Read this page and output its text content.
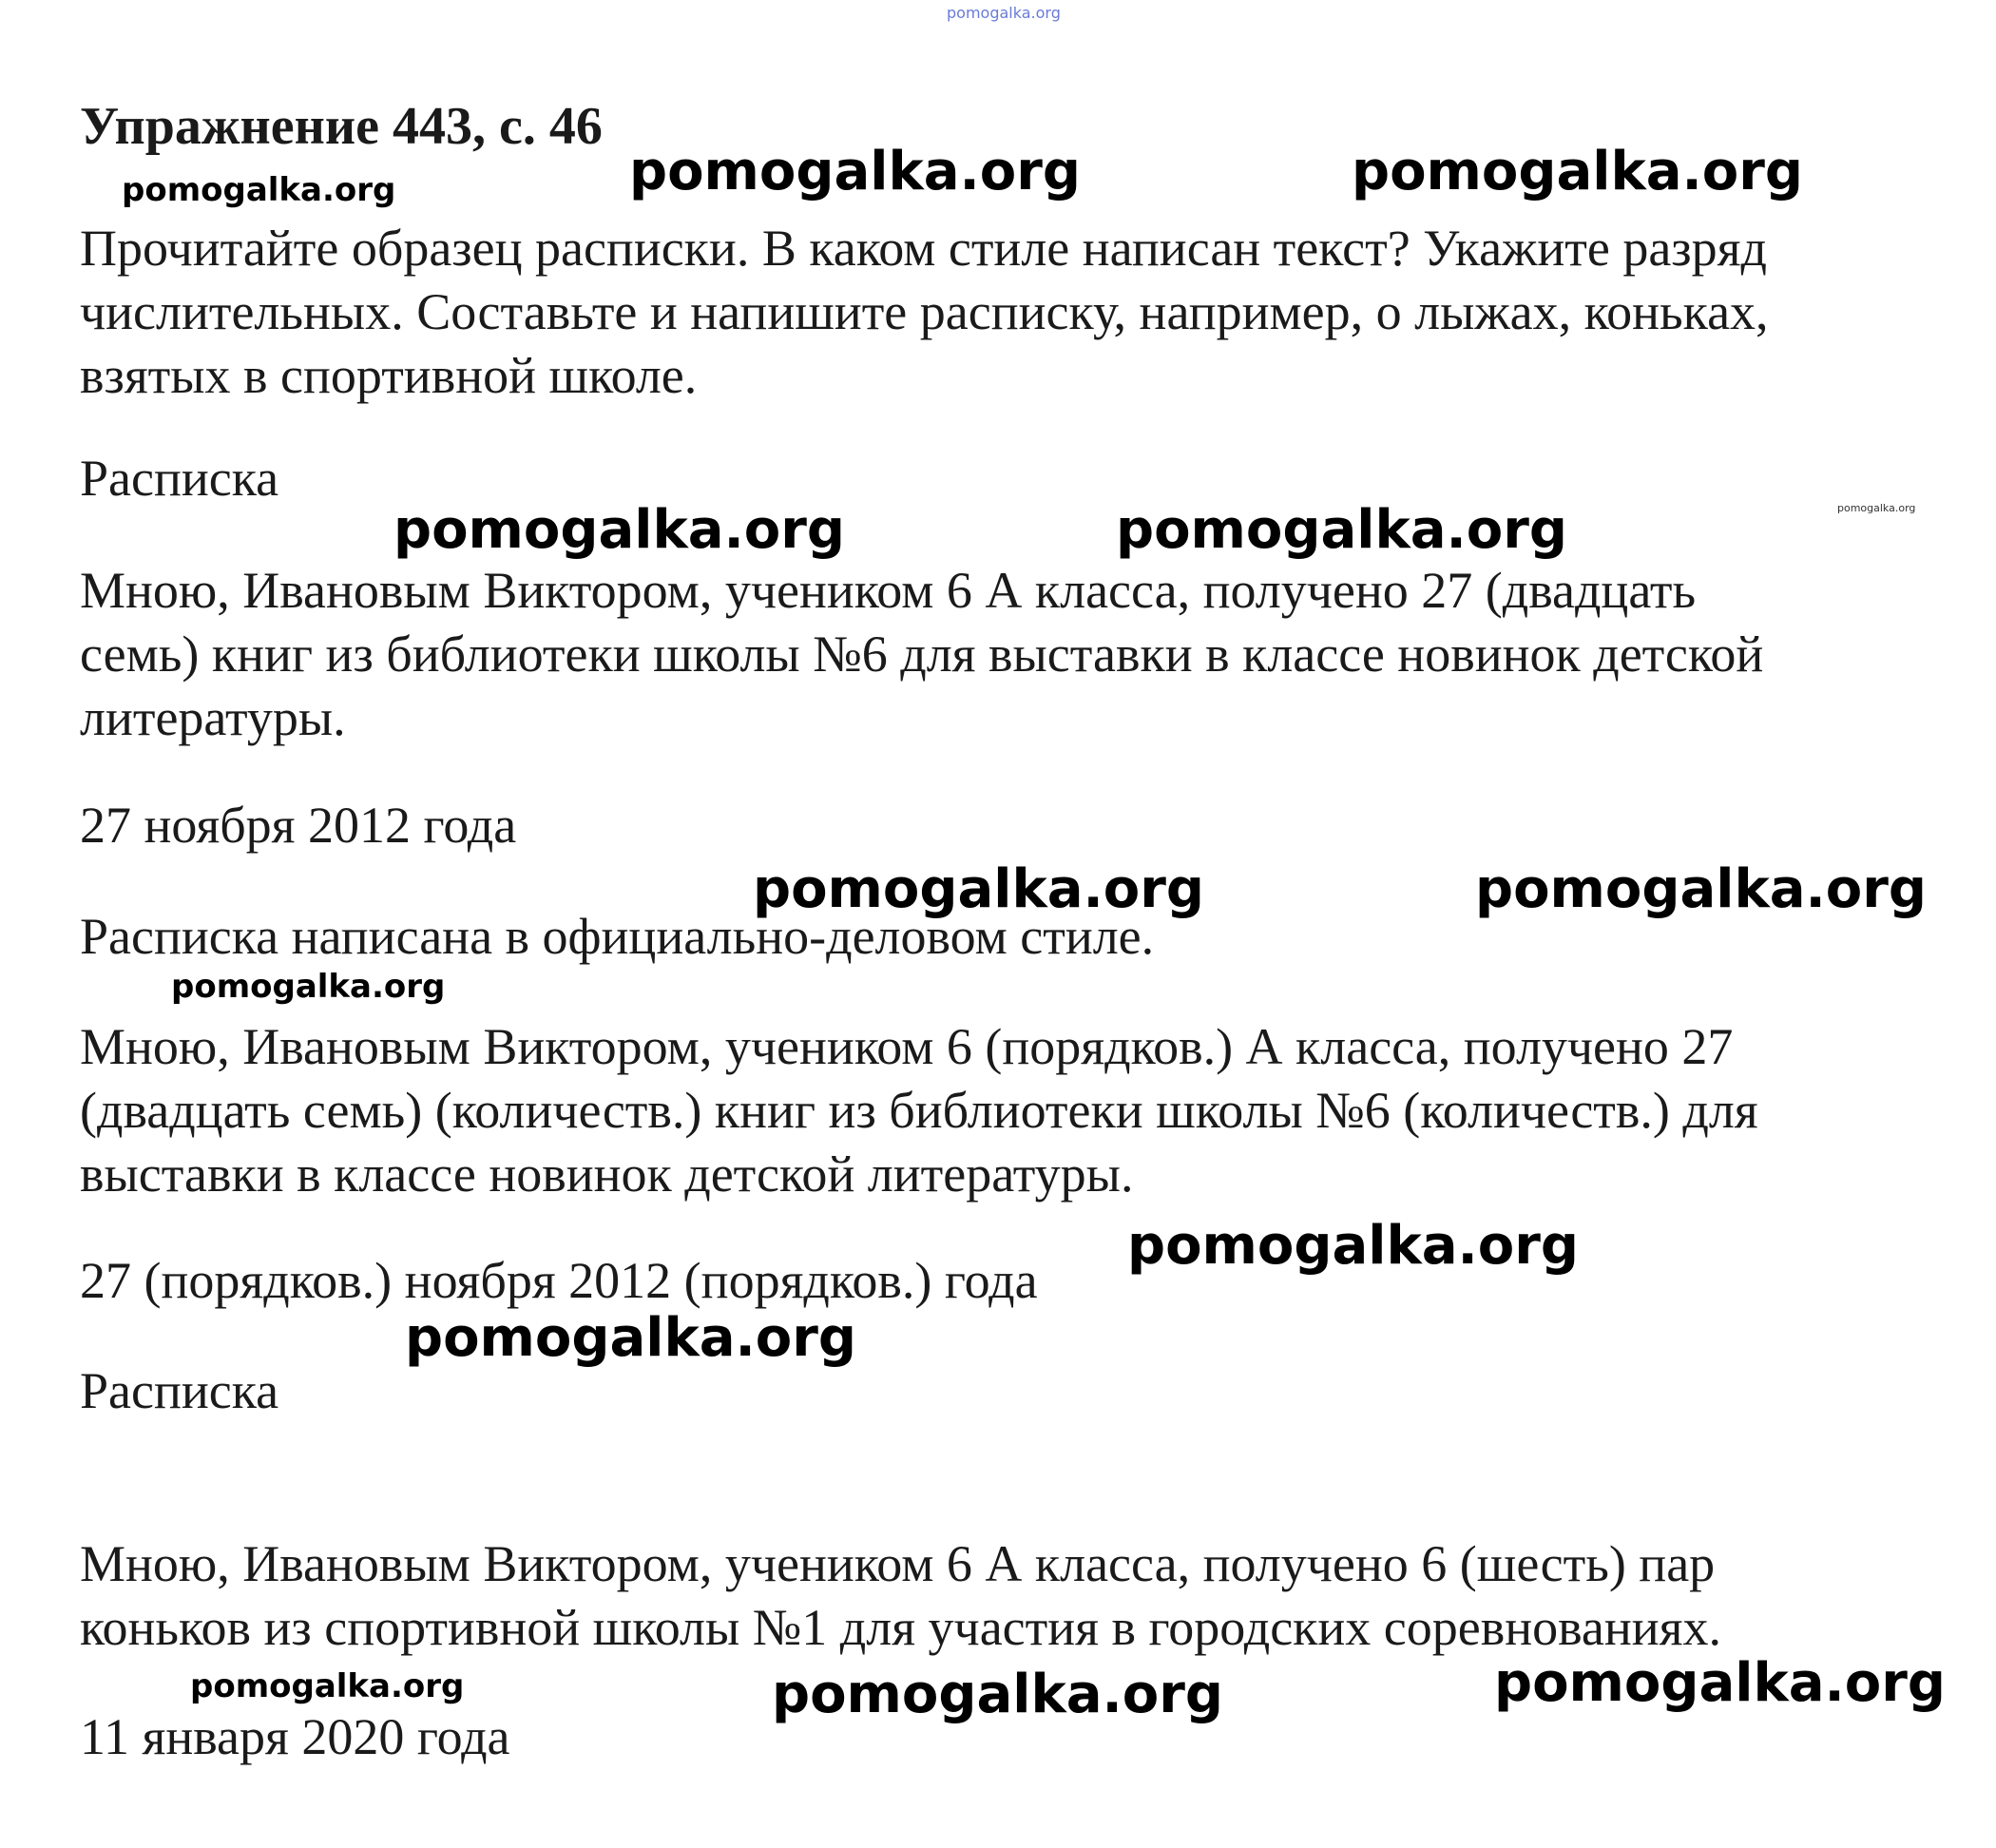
Упражнение 443, с. 46
Прочитайте образец расписки. В каком стиле написан текст? Укажите разряд
числительных. Составьте и напишите расписку, например, о лыжах, коньках,
взятых в спортивной школе.
Расписка
Мною, Ивановым Виктором, учеником 6 А класса, получено 27 (двадцать
семь) книг из библиотеки школы №6 для выставки в классе новинок детской
литературы.
27 ноября 2012 года
Расписка написана в официально-деловом стиле.
Мною, Ивановым Виктором, учеником 6 (порядков.) А класса, получено 27
(двадцать семь) (количеств.) книг из библиотеки школы №6 (количеств.) для
выставки в классе новинок детской литературы.
27 (порядков.) ноября 2012 (порядков.) года
Расписка
Мною, Ивановым Виктором, учеником 6 А класса, получено 6 (шесть) пар
коньков из спортивной школы №1 для участия в городских соревнованиях.
11 января 2020 года
pomogalka.org
pomogalka.org	pomogalka.org
pomogalka.org
pomogalka.org
pomogalka.org	pomogalka.org
pomogalka.org	pomogalka.org
pomogalka.org
pomogalka.org
pomogalka.org
pomogalka.org	pomogalka.org	pomogalka.org
